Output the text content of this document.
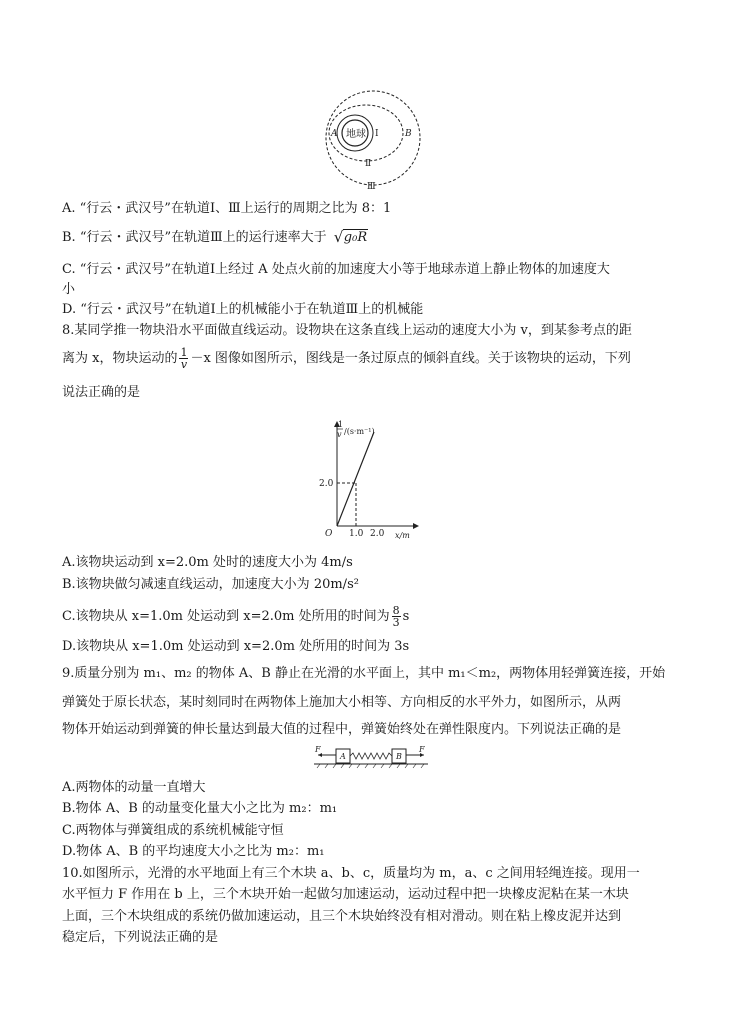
地球
A	B
I
Ⅱ
Ⅲ
A. “行云・武汉号”在轨道Ⅰ、Ⅲ上运行的周期之比为 8：1
B. “行云・武汉号”在轨道Ⅲ上的运行速率大于 √ g₀R
C. “行云・武汉号”在轨道Ⅰ上经过 A 处点火前的加速度大小等于地球赤道上静止物体的加速度大
小
D. “行云・武汉号”在轨道Ⅰ上的机械能小于在轨道Ⅲ上的机械能
8.某同学推一物块沿水平面做直线运动。设物块在这条直线上运动的速度大小为 v，到某参考点的距
离为 x，物块运动的 $\frac{1}{v} -x$ 图像如图所示，图线是一条过原点的倾斜直线。关于该物块的运动，下列
说法正确的是
1
v /(s·m⁻¹)
2.0
O 1.0 2.0 x/m
A.该物块运动到 x=2.0m 处时的速度大小为 4m/s
B.该物块做匀减速直线运动，加速度大小为 20m/s²
C.该物块从 x=1.0m 处运动到 x=2.0m 处所用的时间为 $\frac{8}{3}$ s
D.该物块从 x=1.0m 处运动到 x=2.0m 处所用的时间为 3s
9.质量分别为 m₁、m₂ 的物体 A、B 静止在光滑的水平面上，其中 m₁＜m₂，两物体用轻弹簧连接，开始
弹簧处于原长状态，某时刻同时在两物体上施加大小相等、方向相反的水平外力，如图所示，从两
物体开始运动到弹簧的伸长量达到最大值的过程中，弹簧始终处在弹性限度内。下列说法正确的是
F
A	B
F
A.两物体的动量一直增大
B.物体 A、B 的动量变化量大小之比为 m₂：m₁
C.两物体与弹簧组成的系统机械能守恒
D.物体 A、B 的平均速度大小之比为 m₂：m₁
10.如图所示，光滑的水平地面上有三个木块 a、b、c，质量均为 m，a、c 之间用轻绳连接。现用一
水平恒力 F 作用在 b 上，三个木块开始一起做匀加速运动，运动过程中把一块橡皮泥粘在某一木块
上面，三个木块组成的系统仍做加速运动，且三个木块始终没有相对滑动。则在粘上橡皮泥并达到
稳定后，下列说法正确的是
